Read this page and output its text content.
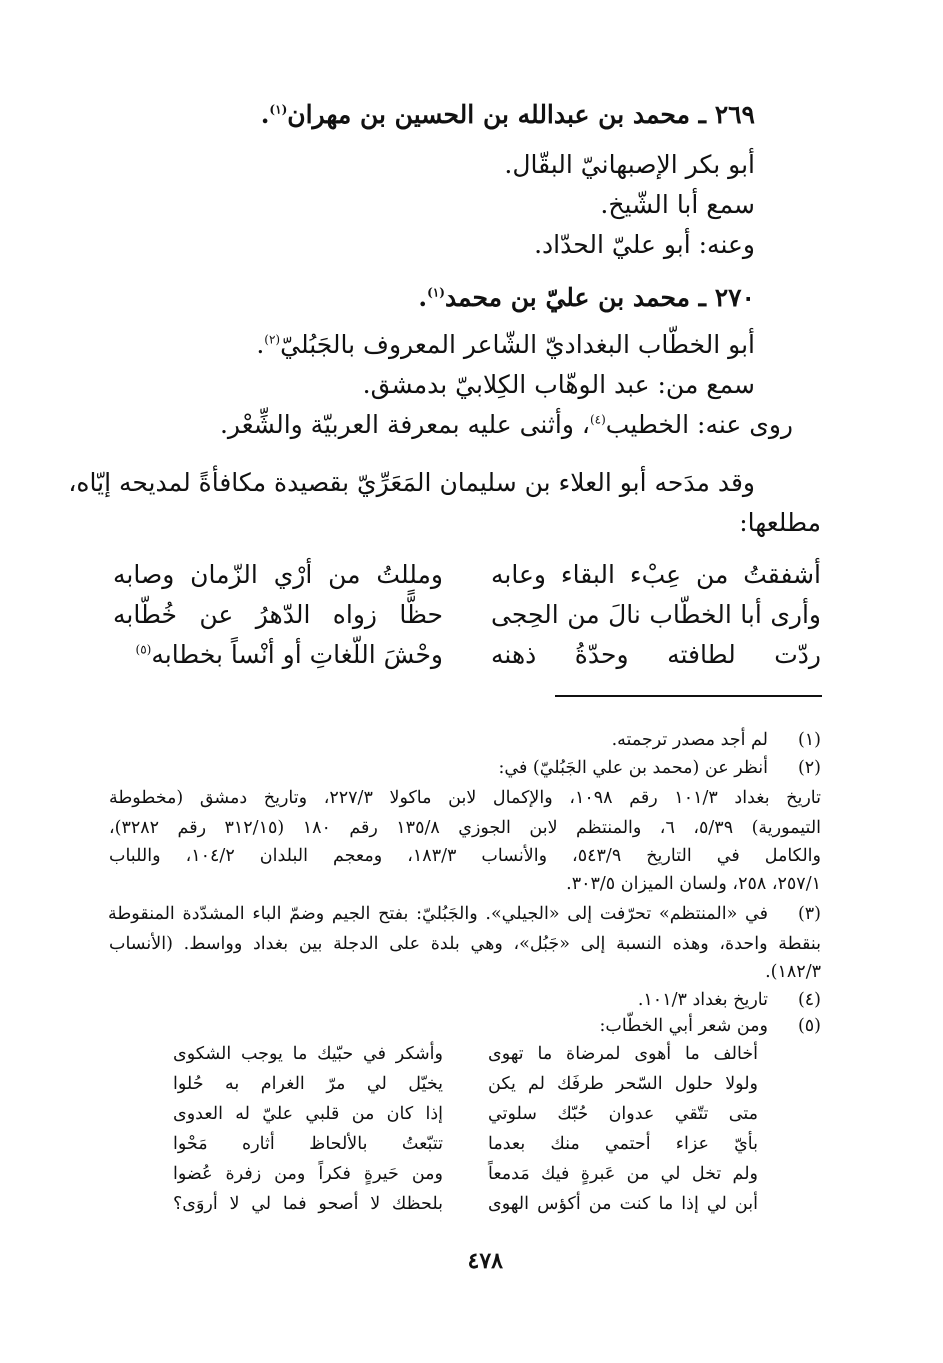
٢٦٩ ـ محمد بن عبدالله بن الحسين بن مهران$^{(١)}$.
أبو بكر الإصبهانيّ البقّال.
سمع أبا الشّيخ.
وعنه: أبو عليّ الحدّاد.
٢٧٠ ـ محمد بن عليّ بن محمد$^{(١)}$.
أبو الخطّاب البغداديّ الشّاعر المعروف بالجَبُليّ$^{(٢)}$.
سمع من: عبد الوهّاب الكِلابيّ بدمشق.
روى عنه: الخطيب$^{(٤)}$، وأثنى عليه بمعرفة العربيّة والشِّعْر.
وقد مدَحه أبو العلاء بن سليمان المَعَرِّيّ بقصيدة مكافأةً لمديحه إيّاه،
مطلعها:
أشفقتُ من عِبْء البقاء وعابه
ومللتُ من أرْي الزّمان وصابه
وأرى أبا الخطّاب نالَ من الحِجى
حظًّا زواه الدّهرُ عن خُطّابه
ردّت لطافته وحدّةُ ذهنه
وحْشَ اللّغاتِ أو أنْساً بخطابه$^{(٥)}$
(١)
لم أجد مصدر ترجمته.
(٢)
أنظر عن (محمد بن علي الجَبُليّ) في:
تاريخ بغداد ١٠١/٣ رقم ١٠٩٨، والإكمال لابن ماكولا ٢٢٧/٣، وتاريخ دمشق (مخطوطة
التيمورية) ٥/٣٩، ٦، والمنتظم لابن الجوزي ١٣٥/٨ رقم ١٨٠ (٣١٢/١٥ رقم ٣٢٨٢)،
والكامل في التاريخ ٥٤٣/٩، والأنساب ١٨٣/٣، ومعجم البلدان ١٠٤/٢، واللباب
٢٥٧/١، ٢٥٨، ولسان الميزان ٣٠٣/٥.
(٣)
في «المنتظم» تحرّفت إلى «الجيلي». والجَبُليّ: بفتح الجيم وضمّ الباء المشدّدة المنقوطة
بنقطة واحدة، وهذه النسبة إلى «جَبُل»، وهي بلدة على الدجلة بين بغداد وواسط. (الأنساب
١٨٢/٣).
(٤)
تاريخ بغداد ١٠١/٣.
(٥)
ومن شعر أبي الخطّاب:
أخالف ما أهوى لمرضاة ما تهوى
وأشكر في حبّيك ما يوجب الشكوى
ولولا حلول السّحر طرفَك لم يكن
يخيّل لي مرّ الغرام به حُلوا
متى تتّقي عدوان حُبّك سلوتي
إذا كان من قلبي عليّ له العدوى
بأيّ عزاء أحتمي منك بعدما
تتبّعتُ بالألحاظ أثاره مَحْوا
ولم تخل لي من عَبرةٍ فيك مَدمعاً
ومن حَيرةٍ فكراً ومن زفرة عُضوا
أبن لي إذا ما كنت من أكؤس الهوى
بلحظك لا أصحو فما لي لا أروَى؟
٤٧٨
